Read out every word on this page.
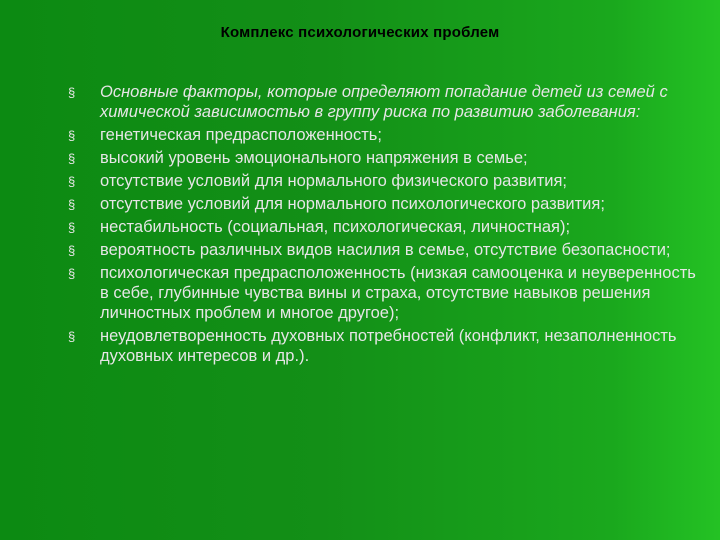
Комплекс психологических проблем
§ Основные факторы, которые определяют попадание детей из семей с химической зависимостью в группу риска по развитию заболевания:
§ генетическая предрасположенность;
§ высокий уровень эмоционального напряжения в семье;
§ отсутствие условий для нормального физического развития;
§ отсутствие условий для нормального психологического развития;
§ нестабильность (социальная, психологическая, личностная);
§ вероятность различных видов насилия в семье, отсутствие безопасности;
§ психологическая предрасположенность (низкая самооценка и неуверенность в себе, глубинные чувства вины и страха, отсутствие навыков решения личностных проблем и многое другое);
§ неудовлетворенность духовных потребностей (конфликт, незаполненность духовных интересов и др.).
